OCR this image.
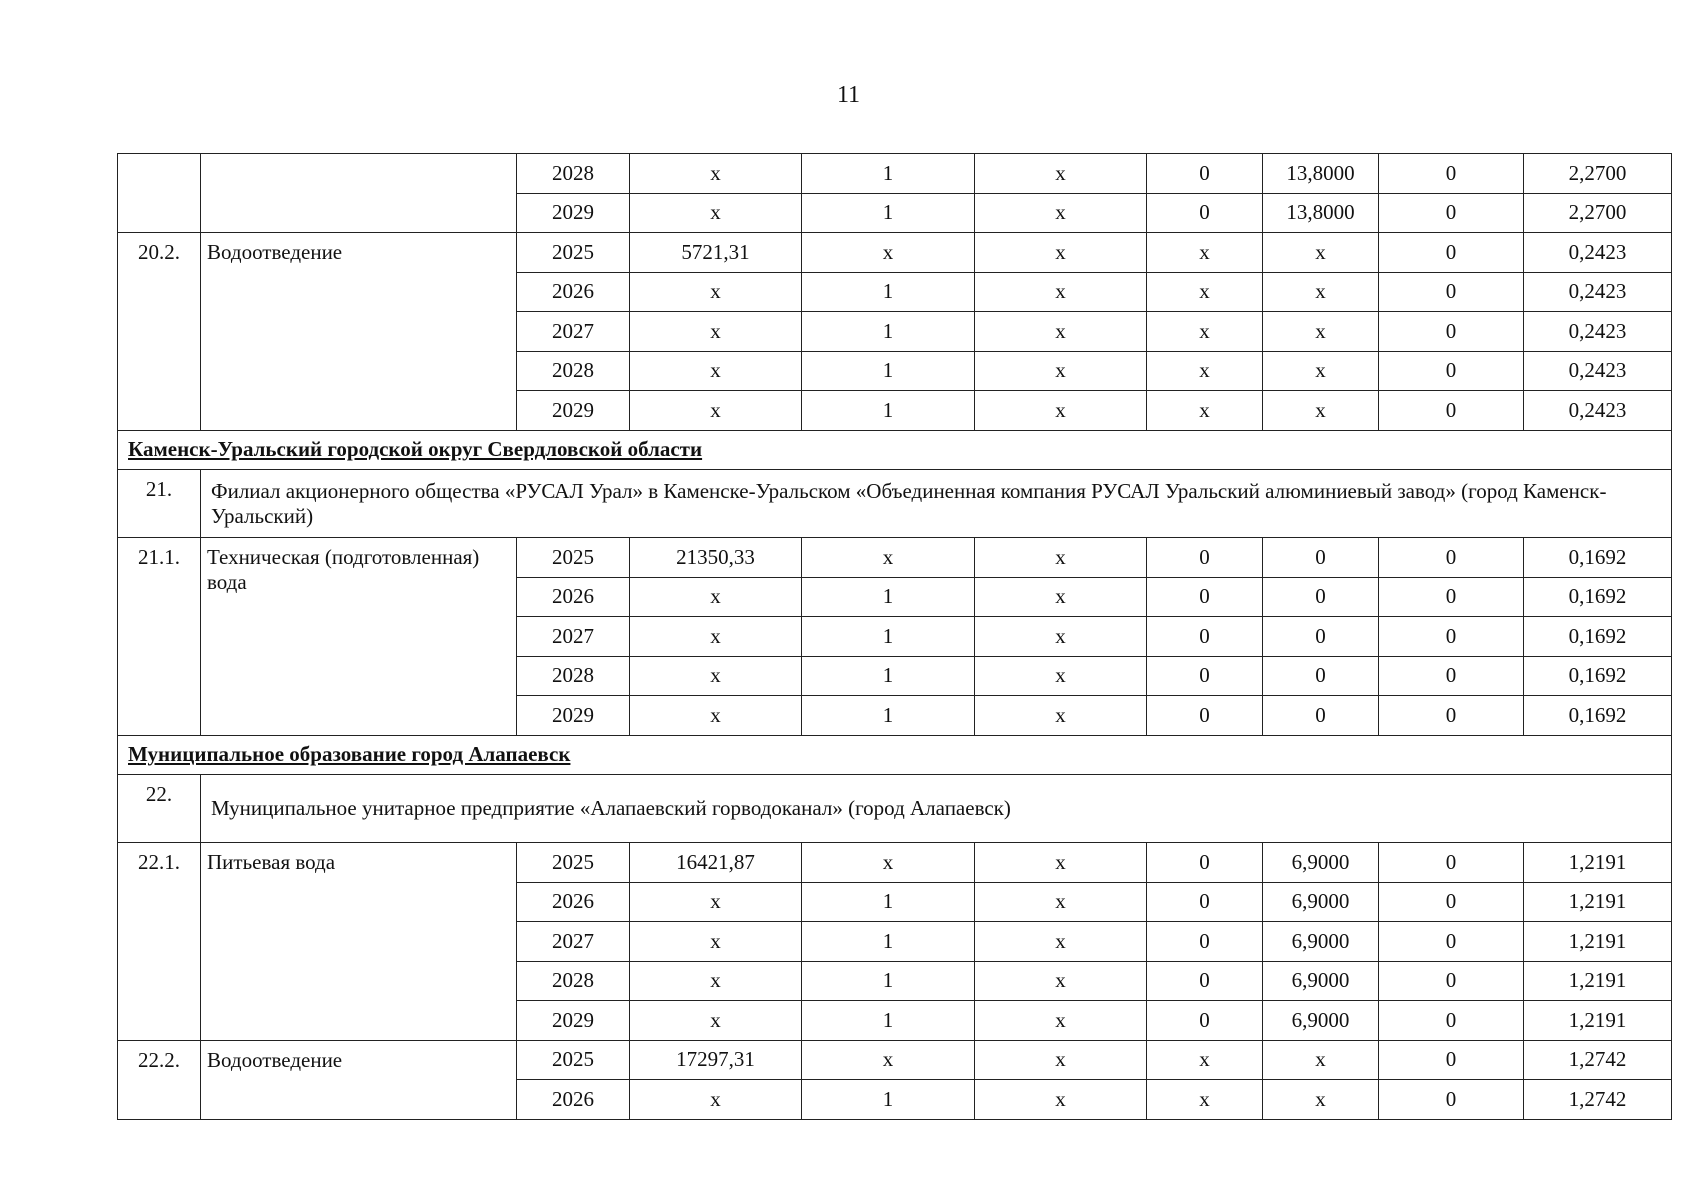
11
		2028	x	1	x	0	13,8000	0	2,2700
		2029	x	1	x	0	13,8000	0	2,2700
20.2.	Водоотведение	2025	5721,31	x	x	x	x	0	0,2423
		2026	x	1	x	x	x	0	0,2423
		2027	x	1	x	x	x	0	0,2423
		2028	x	1	x	x	x	0	0,2423
		2029	x	1	x	x	x	0	0,2423
Каменск-Уральский городской округ Свердловской области									
21.	Филиал акционерного общества «РУСАЛ Урал» в Каменске-Уральском «Объединенная компания РУСАЛ Уральский алюминиевый завод» (город Каменск-Уральский)								
21.1.	Техническая (подготовленная) вода	2025	21350,33	x	x	0	0	0	0,1692
		2026	x	1	x	0	0	0	0,1692
		2027	x	1	x	0	0	0	0,1692
		2028	x	1	x	0	0	0	0,1692
		2029	x	1	x	0	0	0	0,1692
Муниципальное образование город Алапаевск									
22.	Муниципальное унитарное предприятие «Алапаевский горводоканал» (город Алапаевск)								
22.1.	Питьевая вода	2025	16421,87	x	x	0	6,9000	0	1,2191
		2026	x	1	x	0	6,9000	0	1,2191
		2027	x	1	x	0	6,9000	0	1,2191
		2028	x	1	x	0	6,9000	0	1,2191
		2029	x	1	x	0	6,9000	0	1,2191
22.2.	Водоотведение	2025	17297,31	x	x	x	x	0	1,2742
		2026	x	1	x	x	x	0	1,2742
